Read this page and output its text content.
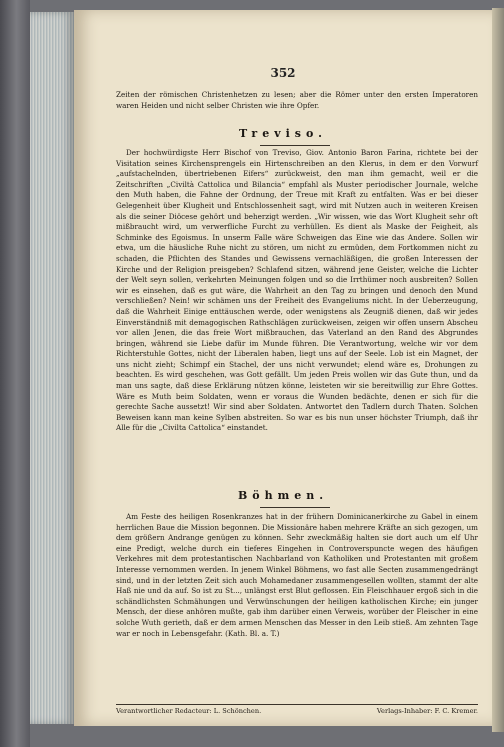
352

Zeiten der römischen Christenhetzen zu lesen; aber die Römer unter den ersten Imperatoren waren Heiden und nicht selber Christen wie ihre Opfer.

Treviso.

Der hochwürdigste Herr Bischof von Treviso, Giov. Antonio Baron Farina, richtete bei der Visitation seines Kirchensprengels ein Hirtenschreiben an den Klerus, in dem er den Vorwurf „aufstachelnden, übertriebenen Eifers“ zurückweist, den man ihm gemacht, weil er die Zeitschriften „Civiltà Cattolica und Bilancia“ empfahl als Muster periodischer Journale, welche den Muth haben, die Fahne der Ordnung, der Treue mit Kraft zu entfalten. Was er bei dieser Gelegenheit über Klugheit und Entschlossenheit sagt, wird mit Nutzen auch in weiteren Kreisen als die seiner Diöcese gehört und beherzigt werden. „Wir wissen, wie das Wort Klugheit sehr oft mißbraucht wird, um verwerfliche Furcht zu verhüllen. Es dient als Maske der Feigheit, als Schminke des Egoismus. In unserm Falle wäre Schweigen das Eine wie das Andere. Sollen wir etwa, um die häusliche Ruhe nicht zu stören, um nicht zu ermüden, dem Fortkommen nicht zu schaden, die Pflichten des Standes und Gewissens vernachläßigen, die großen Interessen der Kirche und der Religion preisgeben? Schlafend sitzen, während jene Geister, welche die Lichter der Welt seyn sollen, verkehrten Meinungen folgen und so die Irrthümer noch ausbreiten? Sollen wir es einsehen, daß es gut wäre, die Wahrheit an den Tag zu bringen und denoch den Mund verschließen? Nein! wir schämen uns der Freiheit des Evangeliums nicht. In der Ueberzeugung, daß die Wahrheit Einige enttäuschen werde, oder wenigstens als Zeugniß dienen, daß wir jedes Einverständniß mit demagogischen Rathschlägen zurückweisen, zeigen wir offen unsern Abscheu vor allen Jenen, die das freie Wort mißbrauchen, das Vaterland an den Rand des Abgrundes bringen, während sie Liebe dafür im Munde führen. Die Verantwortung, welche wir vor dem Richterstuhle Gottes, nicht der Liberalen haben, liegt uns auf der Seele. Lob ist ein Magnet, der uns nicht zieht; Schimpf ein Stachel, der uns nicht verwundet; elend wäre es, Drohungen zu beachten. Es wird geschehen, was Gott gefällt. Um jeden Preis wollen wir das Gute thun, und da man uns sagte, daß diese Erklärung nützen könne, leisteten wir sie bereitwillig zur Ehre Gottes. Wäre es Muth beim Soldaten, wenn er voraus die Wunden bedächte, denen er sich für die gerechte Sache aussetzt! Wir sind aber Soldaten. Antwortet den Tadlern durch Thaten. Solchen Beweisen kann man keine Sylben abstreiten. So war es bis nun unser höchster Triumph, daß ihr Alle für die „Civilta Cattolica“ einstandet.

Böhmen.

Am Feste des heiligen Rosenkranzes hat in der frühern Dominicanerkirche zu Gabel in einem herrlichen Baue die Mission begonnen. Die Missionäre haben mehrere Kräfte an sich gezogen, um dem größern Andrange genügen zu können. Sehr zweckmäßig halten sie dort auch um elf Uhr eine Predigt, welche durch ein tieferes Eingehen in Controverspuncte wegen des häufigen Verkehres mit dem protestantischen Nachbarland von Katholiken und Protestanten mit großem Interesse vernommen werden. In jenem Winkel Böhmens, wo fast alle Secten zusammengedrängt sind, und in der letzten Zeit sich auch Mohamedaner zusammengesellen wollten, stammt der alte Haß nie und da auf. So ist zu St..., unlängst erst Blut geflossen. Ein Fleischhauer ergoß sich in die schändlichsten Schmähungen und Verwünschungen der heiligen katholischen Kirche; ein junger Mensch, der diese anhören mußte, gab ihm darüber einen Verweis, worüber der Fleischer in eine solche Wuth gerieth, daß er dem armen Menschen das Messer in den Leib stieß. Am zehnten Tage war er noch in Lebensgefahr. (Kath. Bl. a. T.)

Verantwortlicher Redacteur: L. Schönchen.	Verlags-Inhaber: F. C. Kremer.
